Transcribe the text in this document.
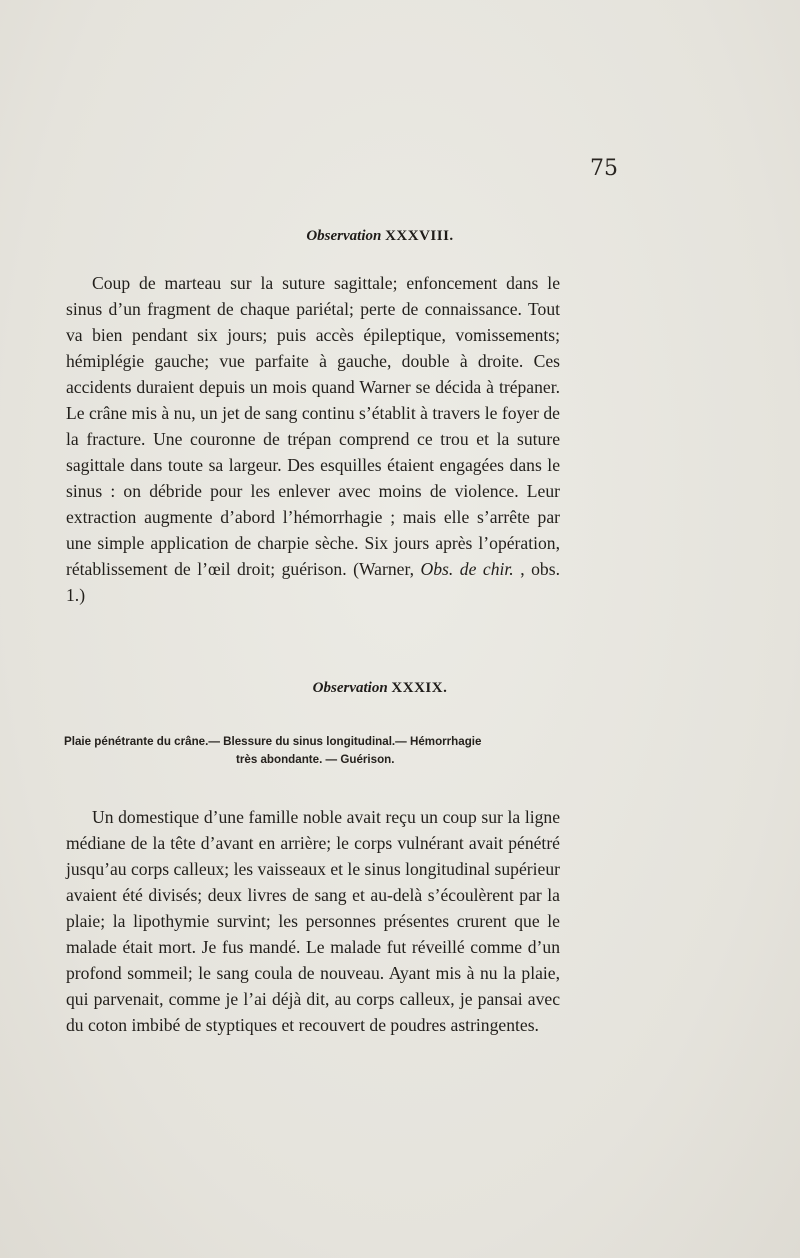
75
Observation XXXVIII.

Coup de marteau sur la suture sagittale; enfoncement dans le sinus d’un fragment de chaque pariétal; perte de connaissance. Tout va bien pendant six jours; puis accès épileptique, vomissements; hémiplégie gauche; vue parfaite à gauche, double à droite. Ces accidents duraient depuis un mois quand Warner se décida à trépaner. Le crâne mis à nu, un jet de sang continu s’établit à travers le foyer de la fracture. Une couronne de trépan comprend ce trou et la suture sagittale dans toute sa largeur. Des esquilles étaient engagées dans le sinus : on débride pour les enlever avec moins de violence. Leur extraction augmente d’abord l’hémorrhagie ; mais elle s’arrête par une simple application de charpie sèche. Six jours après l’opération, rétablissement de l’œil droit; guérison. (Warner, Obs. de chir. , obs. 1.)

Observation XXXIX.
Plaie pénétrante du crâne.— Blessure du sinus longitudinal.— Hémorrhagie
très abondante. — Guérison.

Un domestique d’une famille noble avait reçu un coup sur la ligne médiane de la tête d’avant en arrière; le corps vulnérant avait pénétré jusqu’au corps calleux; les vaisseaux et le sinus longitudinal supérieur avaient été divisés; deux livres de sang et au-delà s’écoulèrent par la plaie; la lipothymie survint; les personnes présentes crurent que le malade était mort. Je fus mandé. Le malade fut réveillé comme d’un profond sommeil; le sang coula de nouveau. Ayant mis à nu la plaie, qui parvenait, comme je l’ai déjà dit, au corps calleux, je pansai avec du coton imbibé de styptiques et recouvert de poudres astringentes.
